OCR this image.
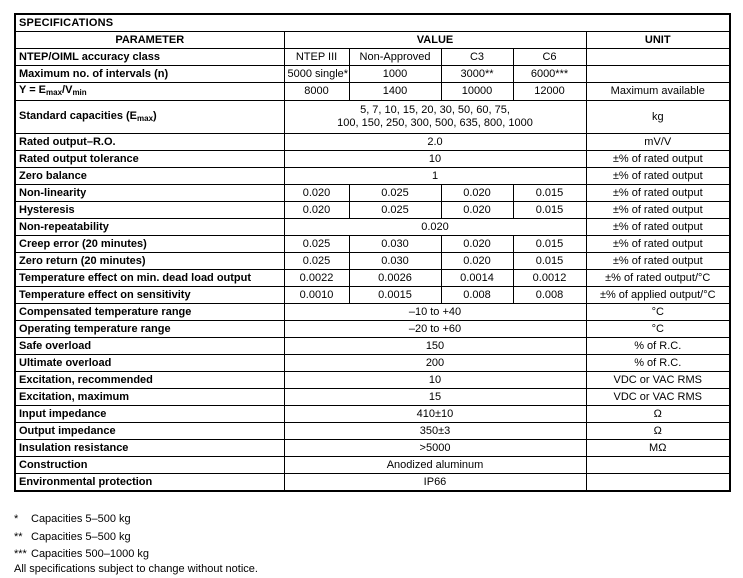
SPECIFICATIONS					
PARAMETER	VALUE				UNIT
NTEP/OIML accuracy class	NTEP III	Non-Approved	C3	C6	
Maximum no. of intervals (n)	5000 single*	1000	3000**	6000***	
$Y = E_{max}/V_{min}$	8000	1400	10000	12000	Maximum available
Standard capacities $(E_{max})$	5, 7, 10, 15, 20, 30, 50, 60, 75,
100, 150, 250, 300, 500, 635, 800, 1000				kg
Rated output–R.O.	2.0				mV/V
Rated output tolerance	10				±% of rated output
Zero balance	1				±% of rated output
Non-linearity	0.020	0.025	0.020	0.015	±% of rated output
Hysteresis	0.020	0.025	0.020	0.015	±% of rated output
Non-repeatability	0.020				±% of rated output
Creep error (20 minutes)	0.025	0.030	0.020	0.015	±% of rated output
Zero return (20 minutes)	0.025	0.030	0.020	0.015	±% of rated output
Temperature effect on min. dead load output	0.0022	0.0026	0.0014	0.0012	±% of rated output/°C
Temperature effect on sensitivity	0.0010	0.0015	0.008	0.008	±% of applied output/°C
Compensated temperature range	–10 to +40				°C
Operating temperature range	–20 to +60				°C
Safe overload	150				% of R.C.
Ultimate overload	200				% of R.C.
Excitation, recommended	10				VDC or VAC RMS
Excitation, maximum	15				VDC or VAC RMS
Input impedance	410±10				Ω
Output impedance	350±3				Ω
Insulation resistance	>5000				MΩ
Construction	Anodized aluminum				
Environmental protection	IP66				
*	Capacities 5–500 kg
** Capacities 5–500 kg
*** Capacities 500–1000 kg
All specifications subject to change without notice.
